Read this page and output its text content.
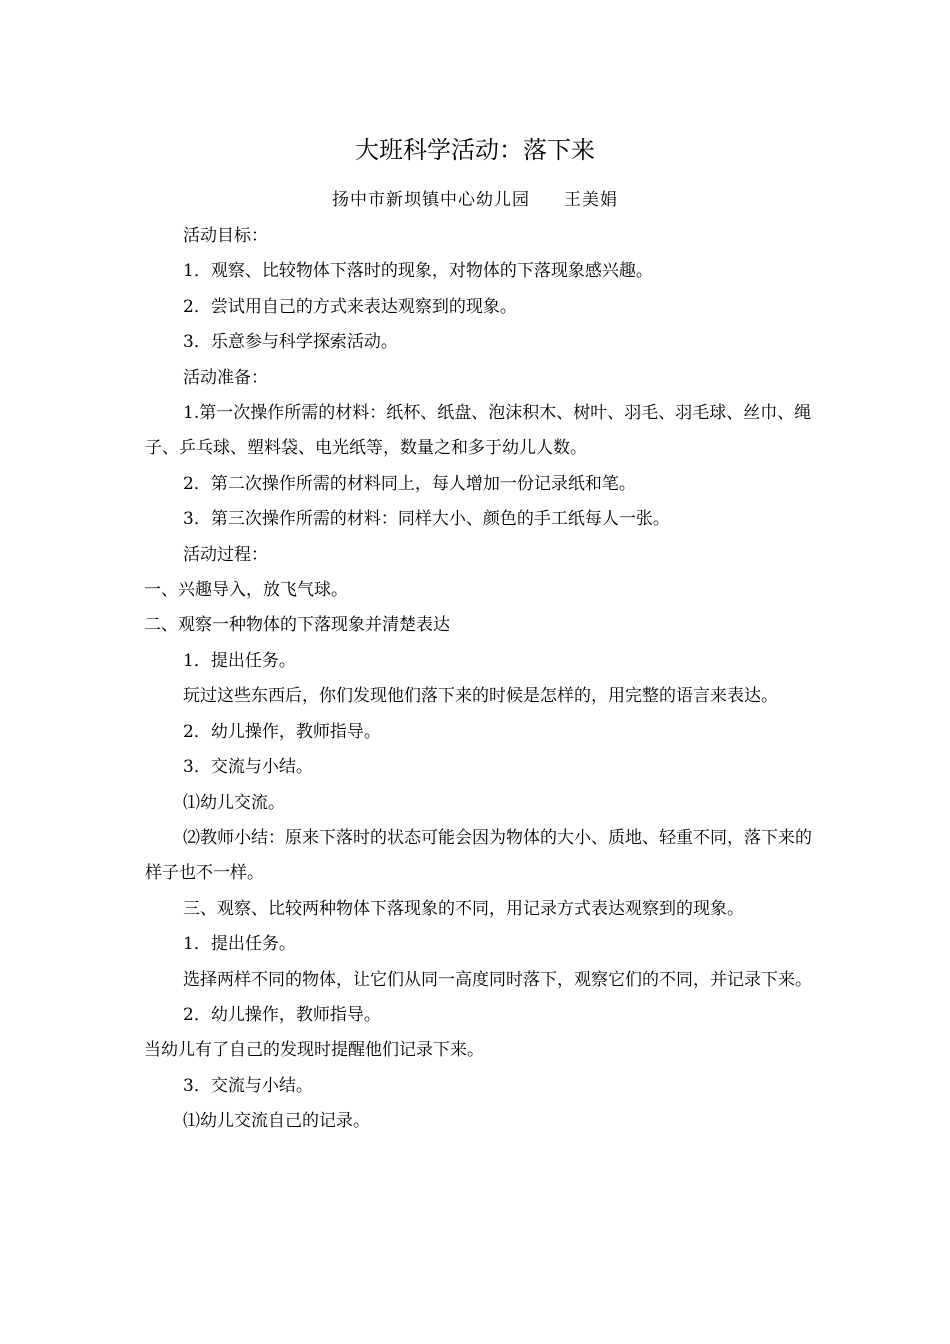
大班科学活动：落下来
扬中市新坝镇中心幼儿园 王美娟

活动目标：

1．观察、比较物体下落时的现象，对物体的下落现象感兴趣。

2．尝试用自己的方式来表达观察到的现象。

3．乐意参与科学探索活动。

活动准备：

1.第一次操作所需的材料：纸杯、纸盘、泡沫积木、树叶、羽毛、羽毛球、丝巾、绳子、乒乓球、塑料袋、电光纸等，数量之和多于幼儿人数。

2．第二次操作所需的材料同上，每人增加一份记录纸和笔。

3．第三次操作所需的材料：同样大小、颜色的手工纸每人一张。

活动过程：

一、兴趣导入，放飞气球。

二、观察一种物体的下落现象并清楚表达

1．提出任务。

玩过这些东西后，你们发现他们落下来的时候是怎样的，用完整的语言来表达。

2．幼儿操作，教师指导。

3．交流与小结。

⑴幼儿交流。

⑵教师小结：原来下落时的状态可能会因为物体的大小、质地、轻重不同，落下来的样子也不一样。

三、观察、比较两种物体下落现象的不同，用记录方式表达观察到的现象。

1．提出任务。

选择两样不同的物体，让它们从同一高度同时落下，观察它们的不同，并记录下来。

2．幼儿操作，教师指导。

当幼儿有了自己的发现时提醒他们记录下来。

3．交流与小结。

⑴幼儿交流自己的记录。
